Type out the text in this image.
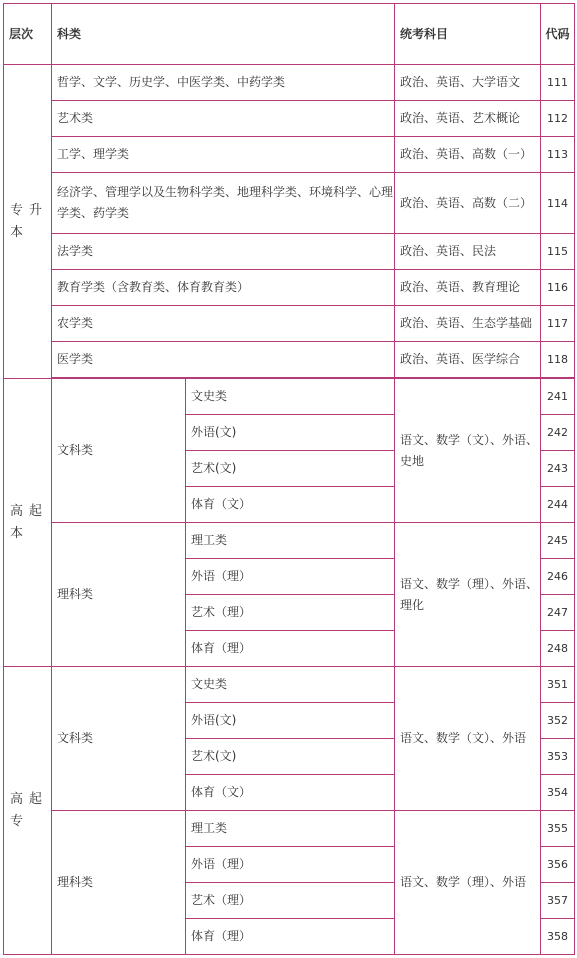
层次	科类		统考科目	代码
专升本	哲学、文学、历史学、中医学类、中药学类		政治、英语、大学语文	111
	艺术类		政治、英语、艺术概论	112
	工学、理学类		政治、英语、高数（一）	113
	经济学、管理学以及生物科学类、地理科学类、环境科学、心理学类、药学类		政治、英语、高数（二）	114
	法学类		政治、英语、民法	115
	教育学类（含教育类、体育教育类）		政治、英语、教育理论	116
	农学类		政治、英语、生态学基础	117
	医学类		政治、英语、医学综合	118

高起本	文科类	文史类	语文、数学（文）、外语、史地	241
		外语(文)		242
		艺术(文)		243
		体育（文）		244
	理科类	理工类	语文、数学（理）、外语、理化	245
		外语（理）		246
		艺术（理）		247
		体育（理）		248
高起专	文科类	文史类	语文、数学（文）、外语	351
		外语(文)		352
		艺术(文)		353
		体育（文）		354
	理科类	理工类	语文、数学（理）、外语	355
		外语（理）		356
		艺术（理）		357
		体育（理）		358
